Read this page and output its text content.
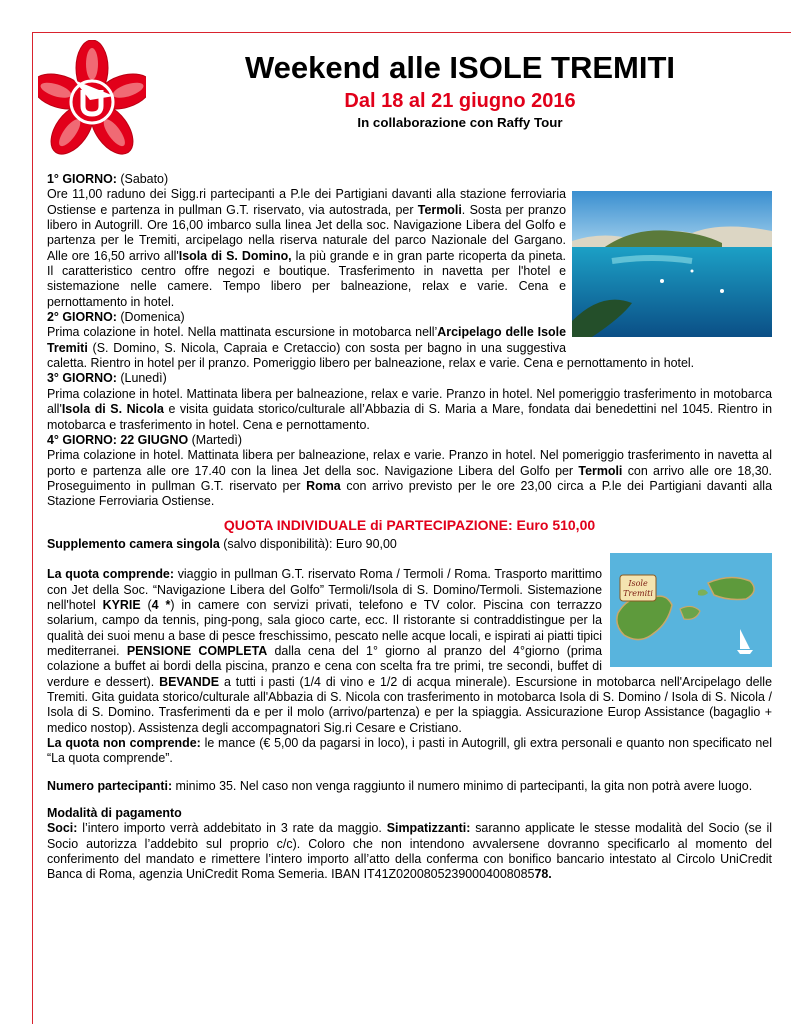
Weekend alle ISOLE TREMITI
Dal 18 al 21 giugno 2016
In collaborazione con Raffy Tour

1° GIORNO: (Sabato)

Ore 11,00 raduno dei Sigg.ri partecipanti a P.le dei Partigiani davanti alla stazione ferroviaria Ostiense e partenza in pullman G.T. riservato, via autostrada, per Termoli. Sosta per pranzo libero in Autogrill. Ore 16,00 imbarco sulla linea Jet della soc. Navigazione Libera del Golfo e partenza per le Tremiti, arcipelago nella riserva naturale del parco Nazionale del Gargano. Alle ore 16,50 arrivo all'Isola di S. Domino, la più grande e in gran parte ricoperta da pineta. Il caratteristico centro offre negozi e boutique. Trasferimento in navetta per l'hotel e sistemazione nelle camere. Tempo libero per balneazione, relax e varie. Cena e pernottamento in hotel.

2° GIORNO: (Domenica)

Prima colazione in hotel. Nella mattinata escursione in motobarca nell’Arcipelago delle Isole Tremiti (S. Domino, S. Nicola, Capraia e Cretaccio) con sosta per bagno in una suggestiva caletta. Rientro in hotel per il pranzo. Pomeriggio libero per balneazione, relax e varie. Cena e pernottamento in hotel.

3° GIORNO: (Lunedì)

Prima colazione in hotel. Mattinata libera per balneazione, relax e varie. Pranzo in hotel. Nel pomeriggio trasferimento in motobarca all'Isola di S. Nicola e visita guidata storico/culturale all’Abbazia di S. Maria a Mare, fondata dai benedettini nel 1045. Rientro in motobarca e trasferimento in hotel. Cena e pernottamento.

4° GIORNO: 22 GIUGNO (Martedì)

Prima colazione in hotel. Mattinata libera per balneazione, relax e varie. Pranzo in hotel. Nel pomeriggio trasferimento in navetta al porto e partenza alle ore 17.40 con la linea Jet della soc. Navigazione Libera del Golfo per Termoli con arrivo alle ore 18,30. Proseguimento in pullman G.T. riservato per Roma con arrivo previsto per le ore 23,00 circa a P.le dei Partigiani davanti alla Stazione Ferroviaria Ostiense.

QUOTA INDIVIDUALE di PARTECIPAZIONE: Euro 510,00

Supplemento camera singola (salvo disponibilità): Euro 90,00

Isole
Tremiti

La quota comprende: viaggio in pullman G.T. riservato Roma / Termoli / Roma. Trasporto marittimo con Jet della Soc. “Navigazione Libera del Golfo” Termoli/Isola di S. Domino/Termoli. Sistemazione nell'hotel KYRIE (4 *) in camere con servizi privati, telefono e TV color. Piscina con terrazzo solarium, campo da tennis, ping-pong, sala gioco carte, ecc. Il ristorante si contraddistingue per la qualità dei suoi menu a base di pesce freschissimo, pescato nelle acque locali, e ispirati ai piatti tipici mediterranei. PENSIONE COMPLETA dalla cena del 1° giorno al pranzo del 4°giorno (prima colazione a buffet ai bordi della piscina, pranzo e cena con scelta fra tre primi, tre secondi, buffet di verdure e dessert). BEVANDE a tutti i pasti (1/4 di vino e 1/2 di acqua minerale). Escursione in motobarca nell'Arcipelago delle Tremiti. Gita guidata storico/culturale all'Abbazia di S. Nicola con trasferimento in motobarca Isola di S. Domino / Isola di S. Nicola / Isola di S. Domino. Trasferimenti da e per il molo (arrivo/partenza) e per la spiaggia. Assicurazione Europ Assistance (bagaglio + medico nostop). Assistenza degli accompagnatori Sig.ri Cesare e Cristiano.

La quota non comprende: le mance (€ 5,00 da pagarsi in loco), i pasti in Autogrill, gli extra personali e quanto non specificato nel “La quota comprende”.

Numero partecipanti: minimo 35. Nel caso non venga raggiunto il numero minimo di partecipanti, la gita non potrà avere luogo.

Modalità di pagamento

Soci: l’intero importo verrà addebitato in 3 rate da maggio. Simpatizzanti: saranno applicate le stesse modalità del Socio (se il Socio autorizza l’addebito sul proprio c/c). Coloro che non intendono avvalersene dovranno specificarlo al momento del conferimento del mandato e rimettere l’intero importo all’atto della conferma con bonifico bancario intestato al Circolo UniCredit Banca di Roma, agenzia UniCredit Roma Semeria. IBAN IT41Z0200805239000400808578.
